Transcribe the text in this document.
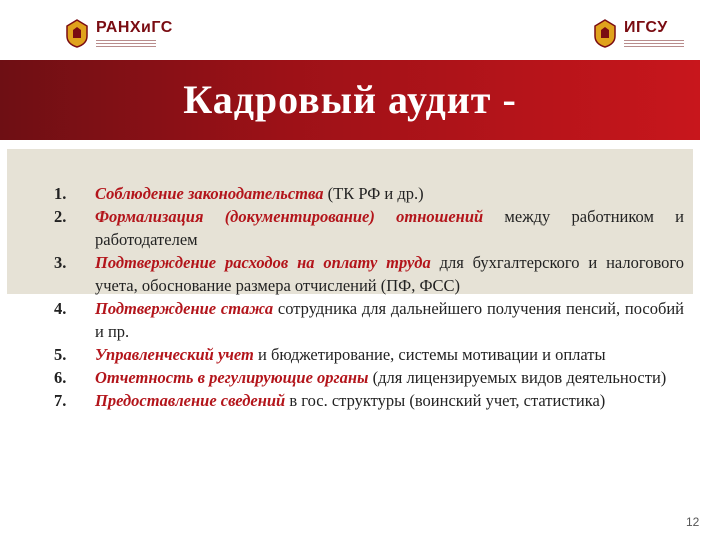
РАНХиГС	ИГСУ
Кадровый аудит -
1. Соблюдение законодательства (ТК РФ и др.)
2. Формализация (документирование) отношений между работником и работодателем
3. Подтверждение расходов на оплату труда для бухгалтерского и налогового учета, обоснование размера отчислений (ПФ, ФСС)
4. Подтверждение стажа сотрудника для дальнейшего получения пенсий, пособий и пр.
5. Управленческий учет и бюджетирование, системы мотивации и оплаты
6. Отчетность в регулирующие органы (для лицензируемых видов деятельности)
7. Предоставление сведений в гос. структуры (воинский учет, статистика)
12
